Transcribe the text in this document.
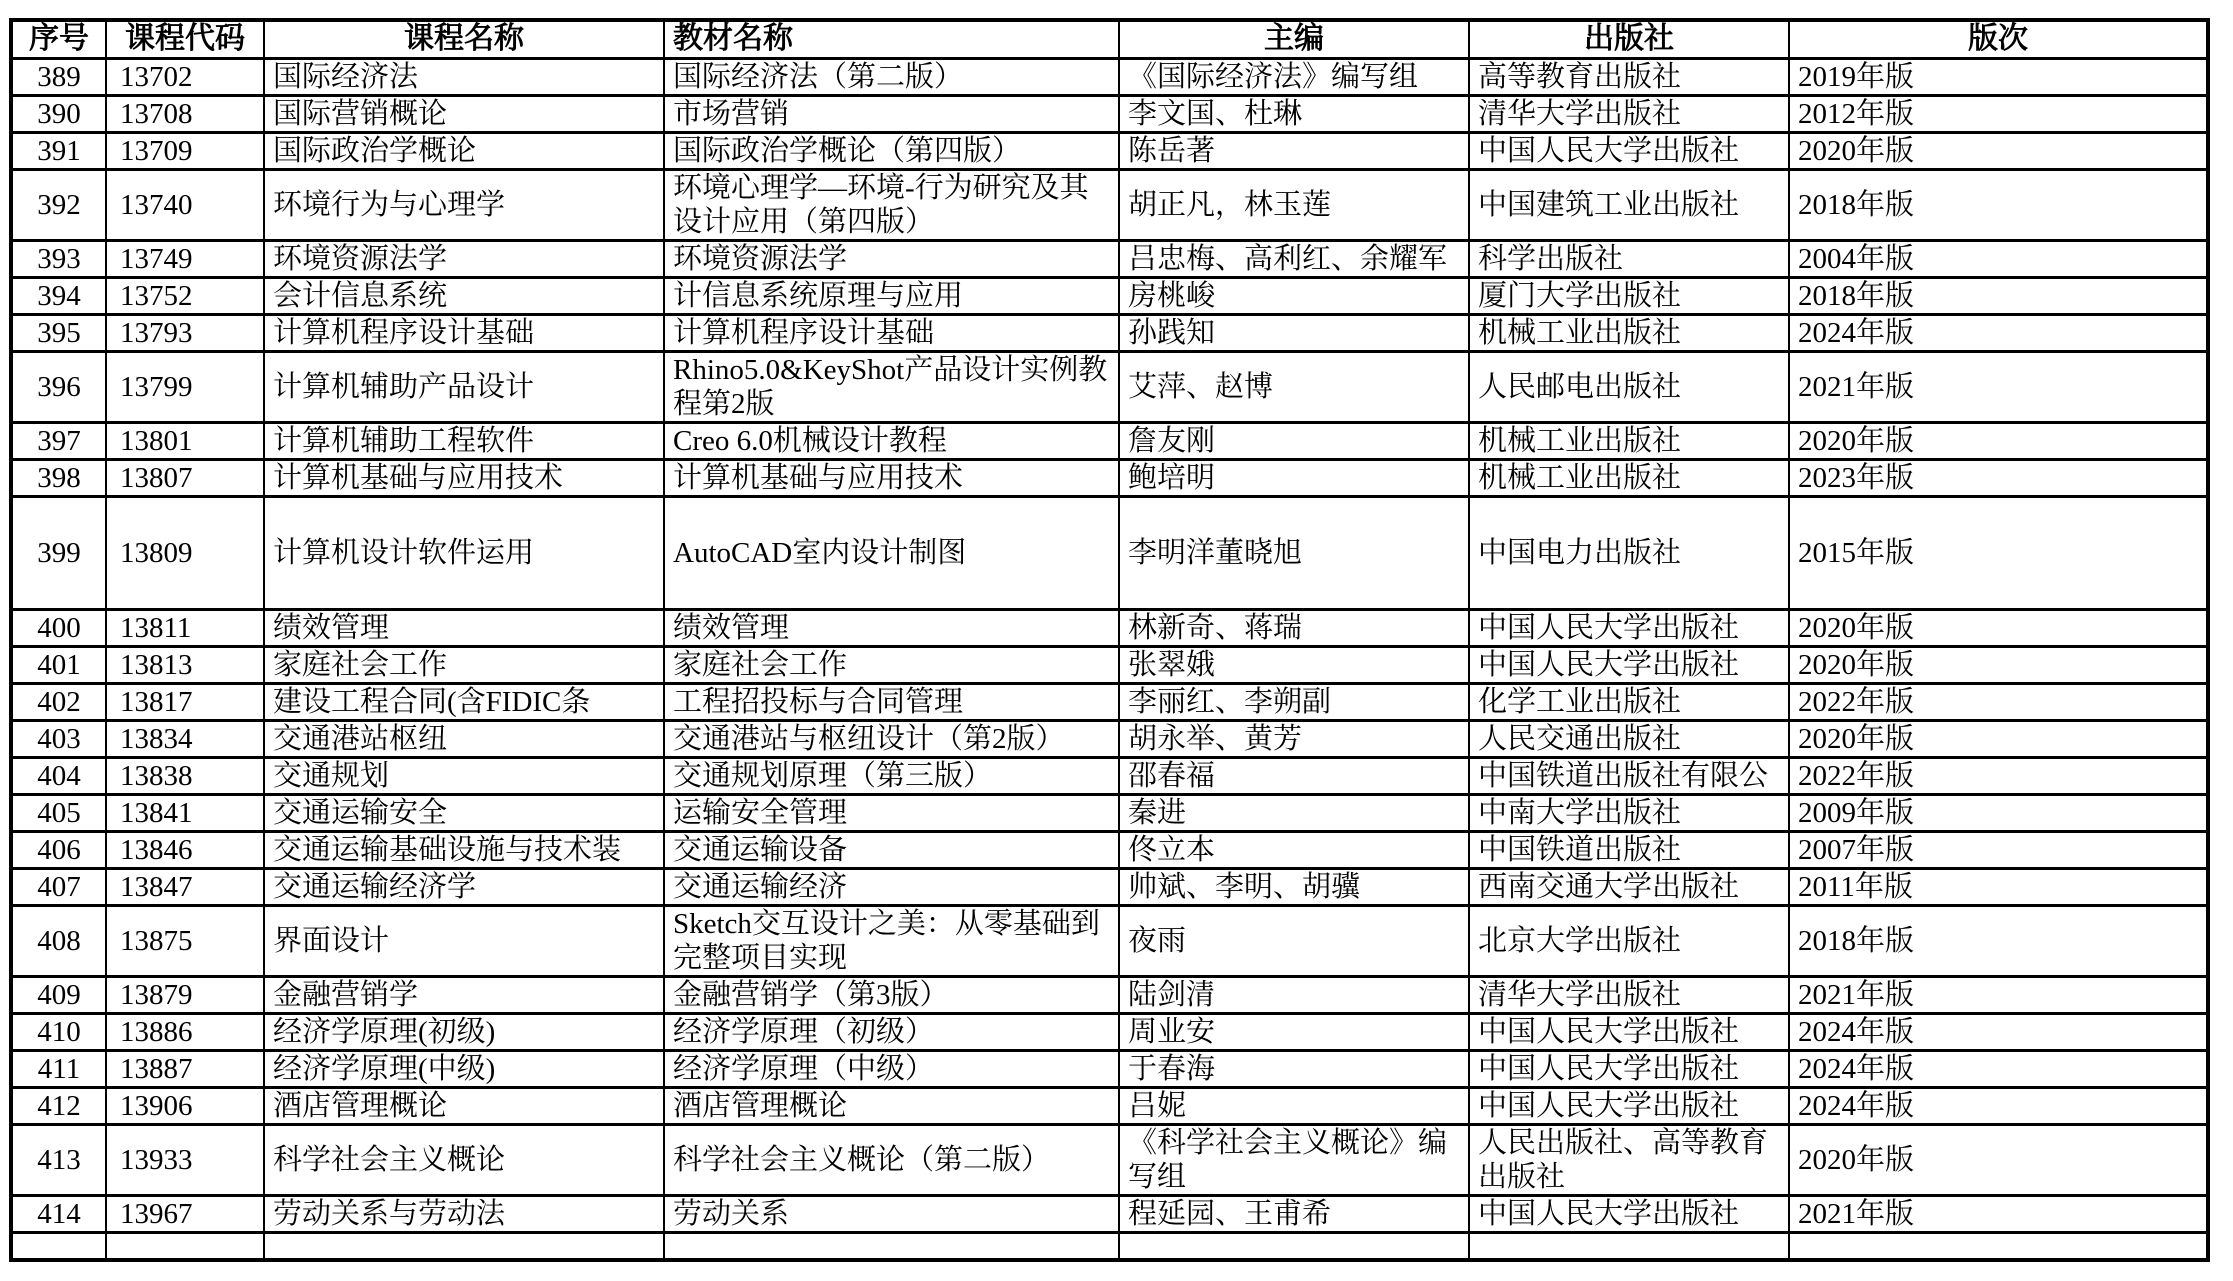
序号	课程代码	课程名称	教材名称	主编	出版社	版次
389	13702	国际经济法	国际经济法（第二版）	《国际经济法》编写组	高等教育出版社	2019年版
390	13708	国际营销概论	市场营销	李文国、杜琳	清华大学出版社	2012年版
391	13709	国际政治学概论	国际政治学概论（第四版）	陈岳著	中国人民大学出版社	2020年版
392	13740	环境行为与心理学	环境心理学—环境-行为研究及其设计应用（第四版）	胡正凡，林玉莲	中国建筑工业出版社	2018年版
393	13749	环境资源法学	环境资源法学	吕忠梅、高利红、余耀军	科学出版社	2004年版
394	13752	会计信息系统	计信息系统原理与应用	房桃峻	厦门大学出版社	2018年版
395	13793	计算机程序设计基础	计算机程序设计基础	孙践知	机械工业出版社	2024年版
396	13799	计算机辅助产品设计	Rhino5.0&KeyShot产品设计实例教程第2版	艾萍、赵博	人民邮电出版社	2021年版
397	13801	计算机辅助工程软件	Creo 6.0机械设计教程	詹友刚	机械工业出版社	2020年版
398	13807	计算机基础与应用技术	计算机基础与应用技术	鲍培明	机械工业出版社	2023年版
399	13809	计算机设计软件运用	AutoCAD室内设计制图	李明洋董晓旭	中国电力出版社	2015年版
400	13811	绩效管理	绩效管理	林新奇、蒋瑞	中国人民大学出版社	2020年版
401	13813	家庭社会工作	家庭社会工作	张翠娥	中国人民大学出版社	2020年版
402	13817	建设工程合同(含FIDIC条	工程招投标与合同管理	李丽红、李朔副	化学工业出版社	2022年版
403	13834	交通港站枢纽	交通港站与枢纽设计（第2版）	胡永举、黄芳	人民交通出版社	2020年版
404	13838	交通规划	交通规划原理（第三版）	邵春福	中国铁道出版社有限公	2022年版
405	13841	交通运输安全	运输安全管理	秦进	中南大学出版社	2009年版
406	13846	交通运输基础设施与技术装	交通运输设备	佟立本	中国铁道出版社	2007年版
407	13847	交通运输经济学	交通运输经济	帅斌、李明、胡骥	西南交通大学出版社	2011年版
408	13875	界面设计	Sketch交互设计之美：从零基础到完整项目实现	夜雨	北京大学出版社	2018年版
409	13879	金融营销学	金融营销学（第3版）	陆剑清	清华大学出版社	2021年版
410	13886	经济学原理(初级)	经济学原理（初级）	周业安	中国人民大学出版社	2024年版
411	13887	经济学原理(中级)	经济学原理（中级）	于春海	中国人民大学出版社	2024年版
412	13906	酒店管理概论	酒店管理概论	吕妮	中国人民大学出版社	2024年版
413	13933	科学社会主义概论	科学社会主义概论（第二版）	《科学社会主义概论》编写组	人民出版社、高等教育出版社	2020年版
414	13967	劳动关系与劳动法	劳动关系	程延园、王甫希	中国人民大学出版社	2021年版
